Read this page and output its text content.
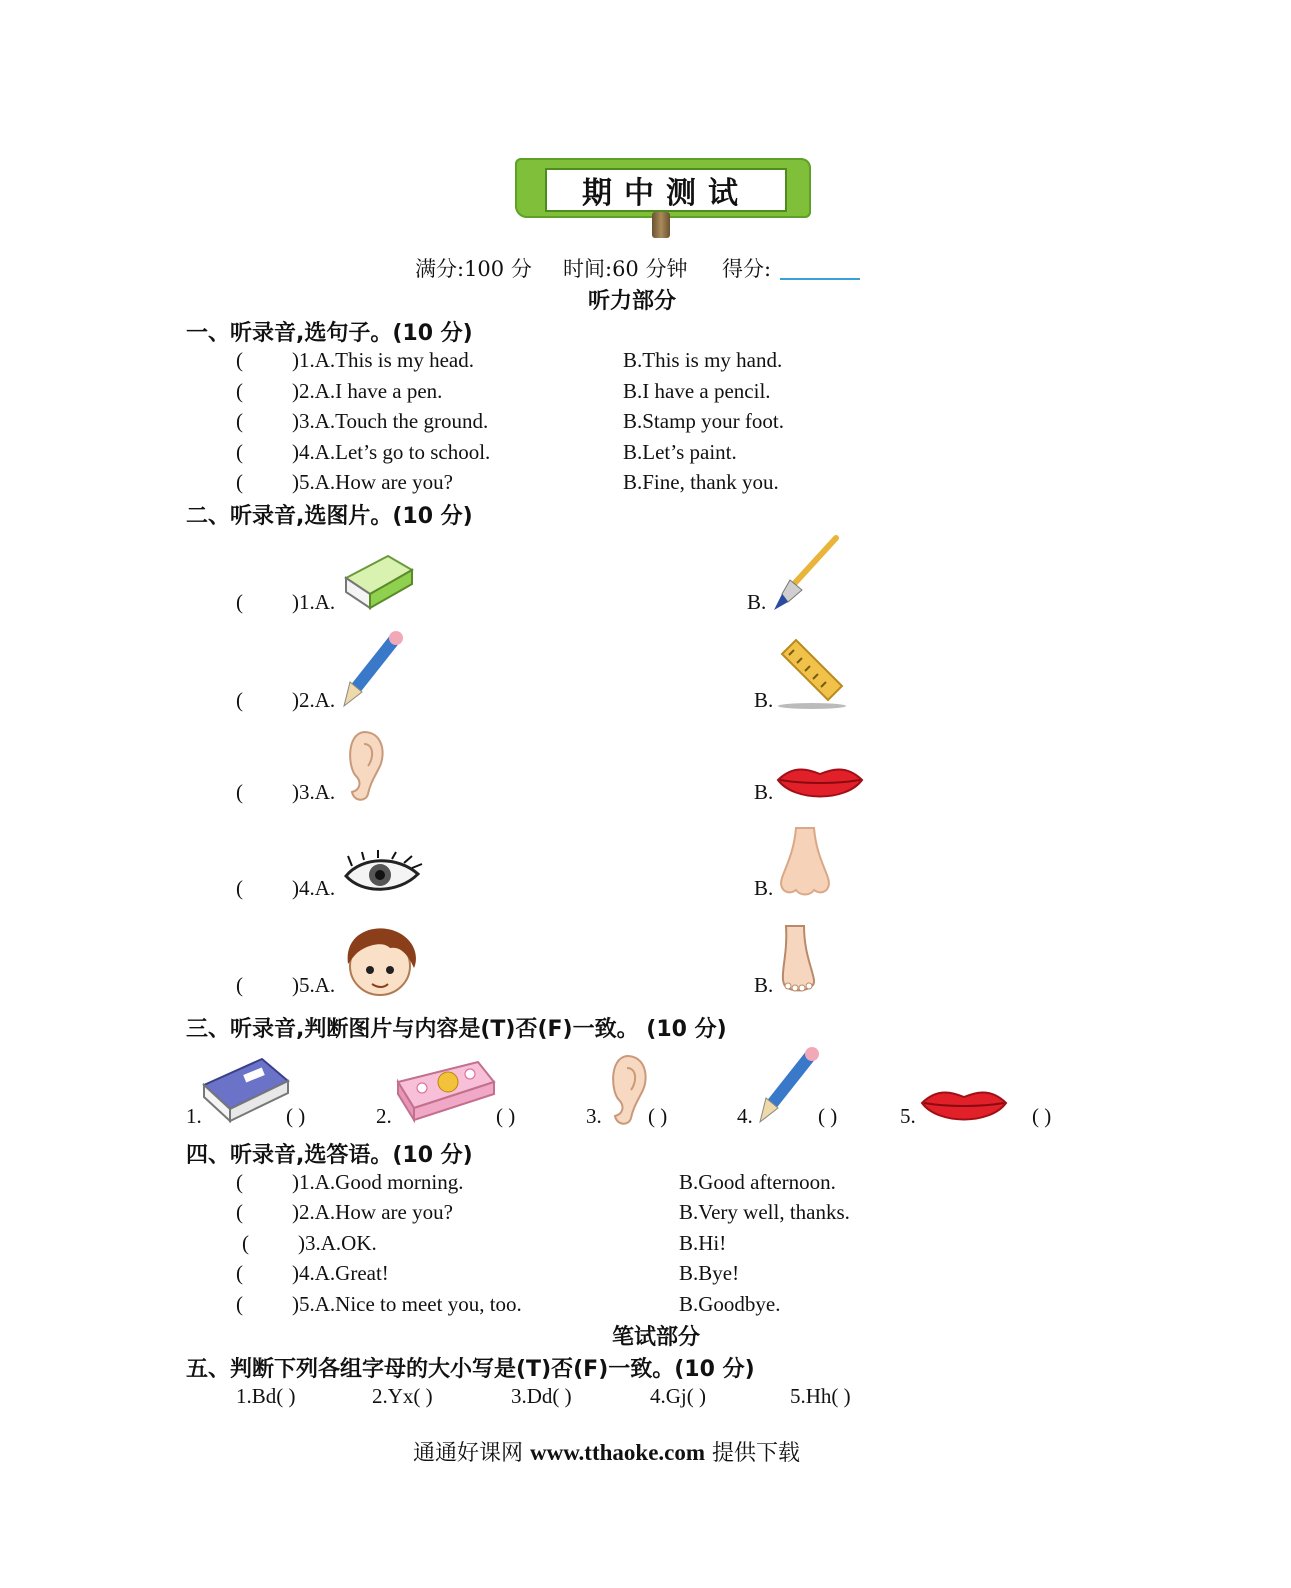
期中测试
满分:100 分 时间:60 分钟 得分:
听力部分
一、听录音,选句子。(10 分)
( )1.A.This is my head.	B.This is my hand.
( )2.A.I have a pen.	B.I have a pencil.
( )3.A.Touch the ground.	B.Stamp your foot.
( )4.A.Let’s go to school.	B.Let’s paint.
( )5.A.How are you?	B.Fine, thank you.
二、听录音,选图片。(10 分)
( )1.A.	B.
( )2.A.	B.
( )3.A.	B.
( )4.A.	B.
( )5.A.	B.
三、听录音,判断图片与内容是(T)否(F)一致。 (10 分)
1.	( )	2.	( )	3. ( )	4.	( )	5.	( )
四、听录音,选答语。(10 分)
( )1.A.Good morning.	B.Good afternoon.
( )2.A.How are you?	B.Very well, thanks.
( )3.A.OK.	B.Hi!
( )4.A.Great!	B.Bye!
( )5.A.Nice to meet you, too.	B.Goodbye.
笔试部分
五、判断下列各组字母的大小写是(T)否(F)一致。(10 分)
1.Bd( )	2.Yx( )	3.Dd( )	4.Gj( )	5.Hh( )
通通好课网 www.tthaoke.com 提供下载
